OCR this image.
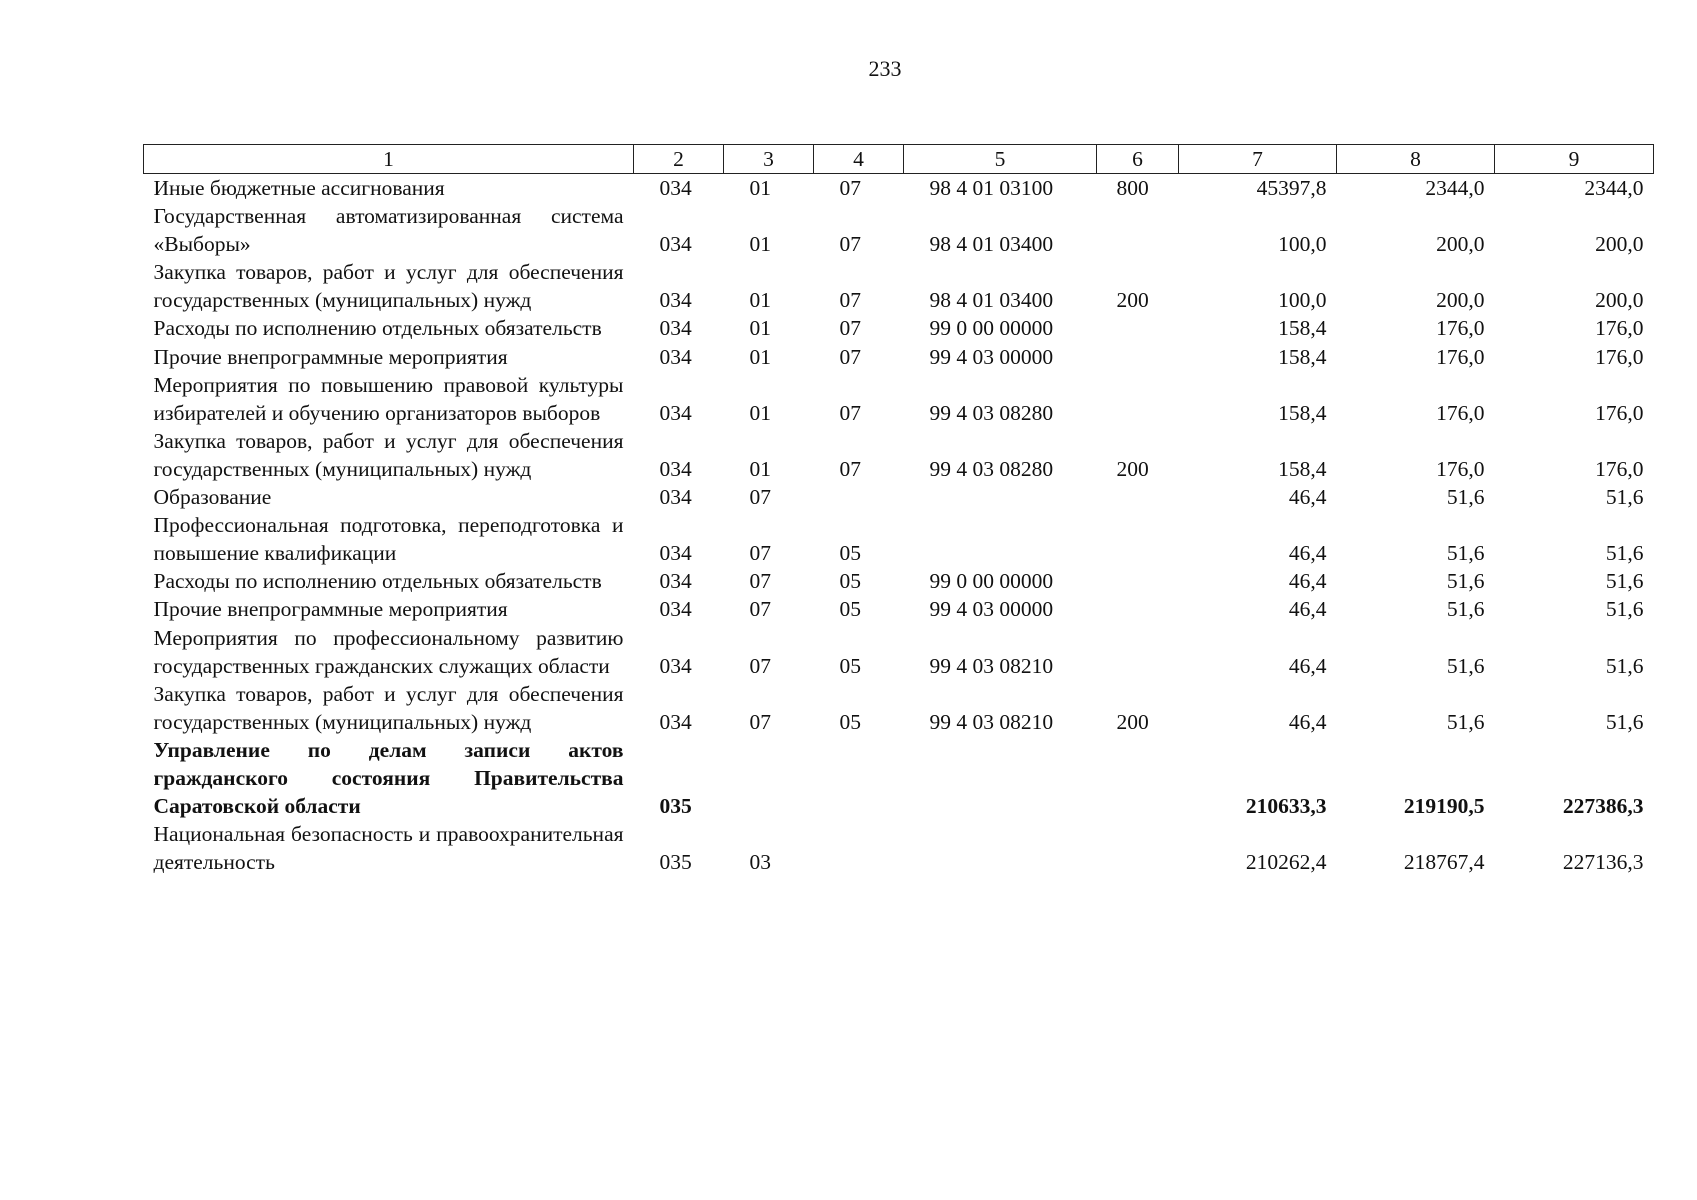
233
1	2	3	4	5	6	7	8	9
Иные бюджетные ассигнования	034	01	07	98 4 01 03100	800	45397,8	2344,0	2344,0
Государственная автоматизированная система «Выборы»	034	01	07	98 4 01 03400		100,0	200,0	200,0
Закупка товаров, работ и услуг для обеспечения государственных (муниципальных) нужд	034	01	07	98 4 01 03400	200	100,0	200,0	200,0
Расходы по исполнению отдельных обязательств	034	01	07	99 0 00 00000		158,4	176,0	176,0
Прочие внепрограммные мероприятия	034	01	07	99 4 03 00000		158,4	176,0	176,0
Мероприятия по повышению правовой культуры избирателей и обучению организаторов выборов	034	01	07	99 4 03 08280		158,4	176,0	176,0
Закупка товаров, работ и услуг для обеспечения государственных (муниципальных) нужд	034	01	07	99 4 03 08280	200	158,4	176,0	176,0
Образование	034	07				46,4	51,6	51,6
Профессиональная подготовка, переподготовка и повышение квалификации	034	07	05			46,4	51,6	51,6
Расходы по исполнению отдельных обязательств	034	07	05	99 0 00 00000		46,4	51,6	51,6
Прочие внепрограммные мероприятия	034	07	05	99 4 03 00000		46,4	51,6	51,6
Мероприятия по профессиональному развитию государственных гражданских служащих области	034	07	05	99 4 03 08210		46,4	51,6	51,6
Закупка товаров, работ и услуг для обеспечения государственных (муниципальных) нужд	034	07	05	99 4 03 08210	200	46,4	51,6	51,6
Управление по делам записи актов гражданского состояния Правительства Саратовской области	035					210633,3	219190,5	227386,3
Национальная безопасность и правоохранительная деятельность	035	03				210262,4	218767,4	227136,3
